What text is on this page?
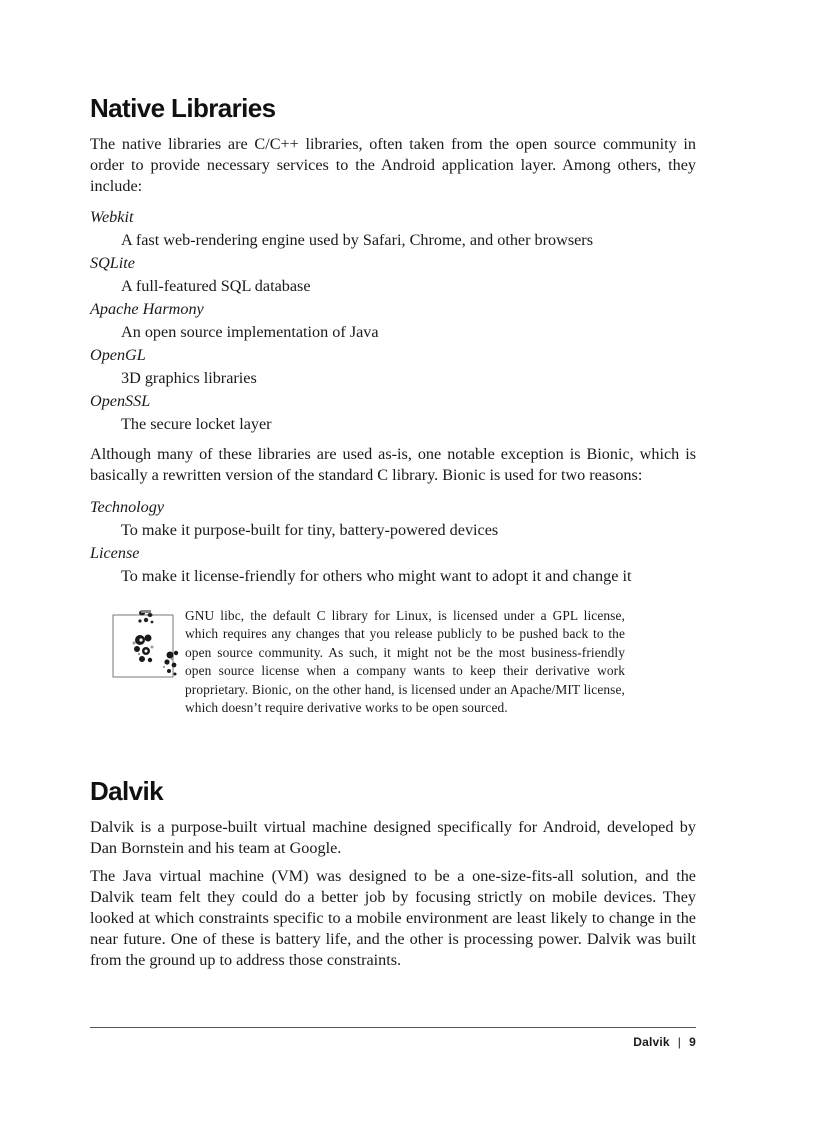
Native Libraries

The native libraries are C/C++ libraries, often taken from the open source community in order to provide necessary services to the Android application layer. Among others, they include:

Webkit
A fast web-rendering engine used by Safari, Chrome, and other browsers
SQLite
A full-featured SQL database
Apache Harmony
An open source implementation of Java
OpenGL
3D graphics libraries
OpenSSL
The secure locket layer

Although many of these libraries are used as-is, one notable exception is Bionic, which is basically a rewritten version of the standard C library. Bionic is used for two reasons:

Technology
To make it purpose-built for tiny, battery-powered devices
License
To make it license-friendly for others who might want to adopt it and change it
GNU libc, the default C library for Linux, is licensed under a GPL license, which requires any changes that you release publicly to be pushed back to the open source community. As such, it might not be the most business-friendly open source license when a company wants to keep their derivative work proprietary. Bionic, on the other hand, is licensed under an Apache/MIT license, which doesn’t require derivative works to be open sourced.
Dalvik

Dalvik is a purpose-built virtual machine designed specifically for Android, developed by Dan Bornstein and his team at Google.

The Java virtual machine (VM) was designed to be a one-size-fits-all solution, and the Dalvik team felt they could do a better job by focusing strictly on mobile devices. They looked at which constraints specific to a mobile environment are least likely to change in the near future. One of these is battery life, and the other is processing power. Dalvik was built from the ground up to address those constraints.

Dalvik | 9
